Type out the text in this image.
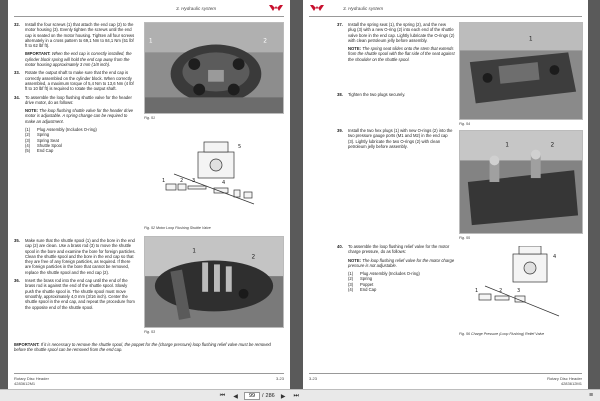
3. Hydraulic system
32. Install the four screws (1) that attach the end cap (2) to the motor housing (3). Evenly tighten the screws until the end cap is seated on the motor housing. Tighten all four screws alternately in a cross pattern to 69,1 Nm to 84,1 Nm (51 lbf ft to 62 lbf ft).
IMPORTANT: When the end cap is correctly installed, the cylinder block spring will hold the end cap away from the motor housing approximately 3 mm (1/8 inch).
33. Rotate the output shaft to make sure that the end cap is correctly assembled on the cylinder block. When correctly assembled, a maximum torque of 5,4 Nm to 13,6 Nm (4 lbf ft to 10 lbf ft) is required to rotate the output shaft.
34. To assemble the loop flushing shuttle valve for the header drive motor, do as follows:
NOTE: The loop flushing shuttle valve for the header drive motor is adjustable. A spring change can be required to make an adjustment.
(1)	Plug Assembly (Includes O-ring)
(2)	Spring
(3)	Spring Seat
(4)	Shuttle Spool
(5)	End Cap
35. Make sure that the shuttle spool (1) and the bore in the end cap (2) are clean. Use a brass rod (3) to move the shuttle spool in the bore and examine the bore for foreign particles. Clean the shuttle spool and the bore in the end cap so that they are free of any foreign particles, as required. If there are foreign particles in the bore that cannot be removed, replace the shuttle spool and the end cap (2).
36. Insert the brass rod into the end cap until the end of the brass rod is against the end of the shuttle spool. Slowly push the shuttle spool in. The shuttle spool must move smoothly, approximately 4,0 mm (3/16 inch). Center the shuttle spool in the end cap, and repeat the procedure from the opposite end of the shuttle spool.
IMPORTANT: If it is necessary to remove the shuttle spool, the poppet for the (charge pressure) loop flushing relief valve must be removed before the shuttle spool can be removed from the end cap.
1	2
Fig. 51
1	2 3	4
5
Fig. 52 Motor Loop Flushing Shuttle Valve
1
2
Fig. 53
Rotary Disc Header
4283612M1
3-23
3. Hydraulic system
37. Install the spring seat (1), the spring (2), and the new plug (3) with a new O-ring (2) into each end of the shuttle valve bore in the end cap. Lightly lubricate the O-rings (2) with clean petroleum jelly before assembly.
NOTE: The spring seat slides onto the stem that extends from the shuttle spool with the flat side of the seat against the shoulder on the shuttle spool.
38. Tighten the two plugs securely.
39. Install the two hex plugs (1) with new O-rings (2) into the two pressure gauge ports (M1 and M2) in the end cap (3). Lightly lubricate the two O-rings (2) with clean petroleum jelly before assembly.
40. To assemble the loop flushing relief valve for the motor charge pressure, do as follows:
NOTE: The loop flushing relief valve for the motor charge pressure is not adjustable.
(1)	Plug Assembly (Includes O-ring)
(2)	Spring
(3)	Poppet
(4)	End Cap
1
Fig. 54
1	2
Fig. 55
1	2	3
4
Fig. 56 Charge Pressure (Loop Flushing) Relief Valve
3-23	Rotary Disc Header
4283612M1
⏮ ◀
99	/ 286 ▶ ⏭	≡
